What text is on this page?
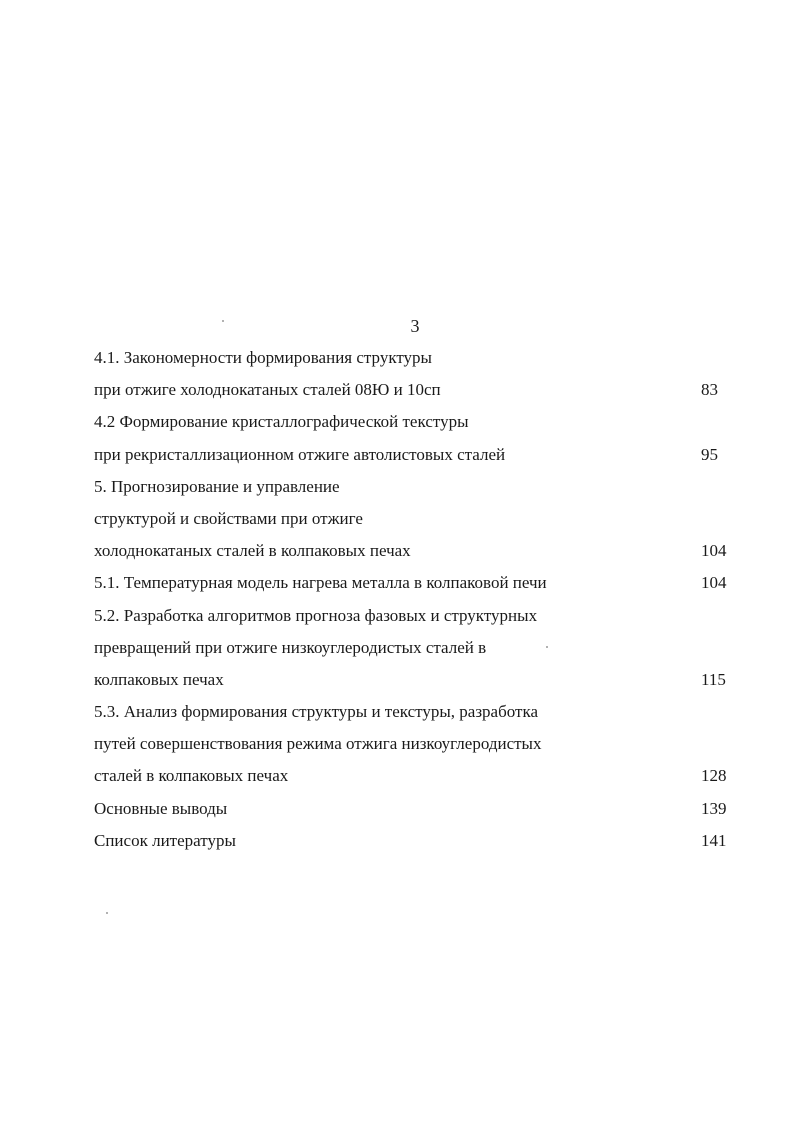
3
4.1. Закономерности формирования структуры
при отжиге холоднокатаных сталей 08Ю и 10сп	83
4.2 Формирование кристаллографической текстуры
при рекристаллизационном отжиге автолистовых сталей	95
5. Прогнозирование и управление
структурой и свойствами при отжиге
холоднокатаных сталей в колпаковых печах	104
5.1. Температурная модель нагрева металла в колпаковой печи	104
5.2. Разработка алгоритмов прогноза фазовых и структурных
превращений при отжиге низкоуглеродистых сталей в
колпаковых печах	115
5.3. Анализ формирования структуры и текстуры, разработка
путей совершенствования режима отжига низкоуглеродистых
сталей в колпаковых печах	128
Основные выводы	139
Список литературы	141
